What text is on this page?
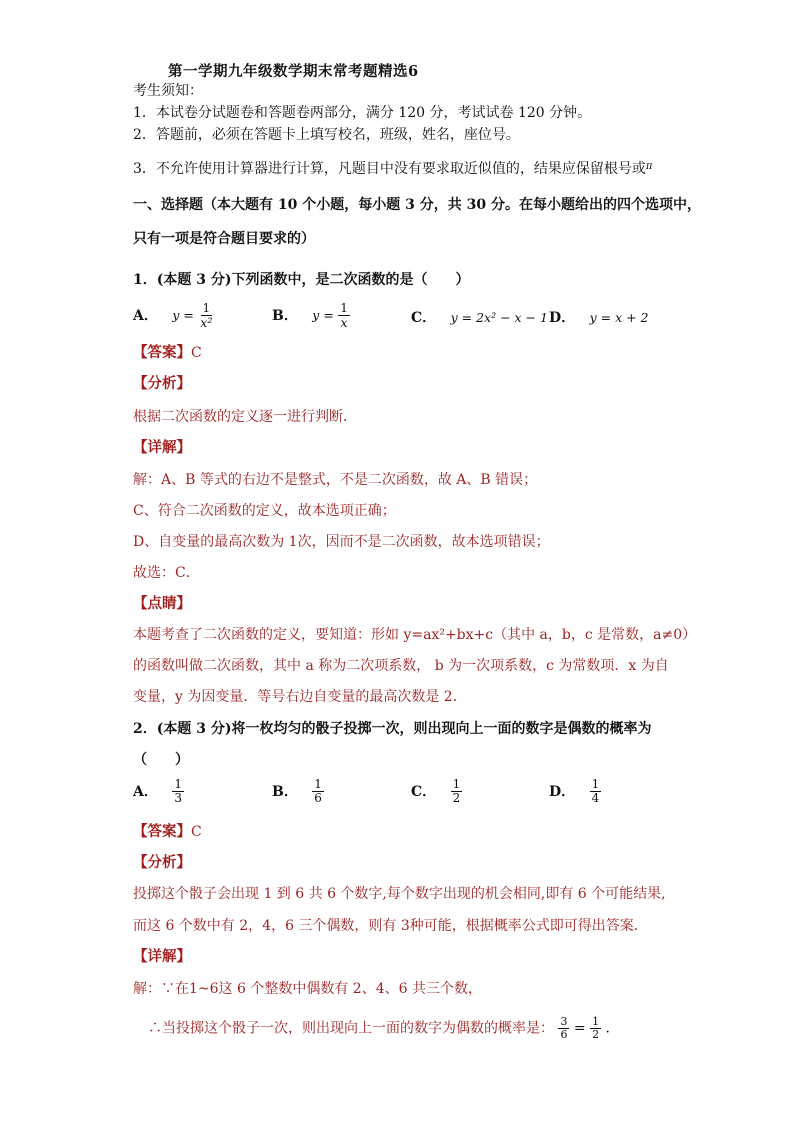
第一学期九年级数学期末常考题精选6
考生须知：
1．本试卷分试题卷和答题卷两部分，满分 120 分，考试试卷 120 分钟。
2．答题前，必须在答题卡上填写校名，班级，姓名，座位号。
3．不允许使用计算器进行计算，凡题目中没有要求取近似值的，结果应保留根号或$^\pi$
一、选择题（本大题有 10 个小题，每小题 3 分，共 30 分。在每小题给出的四个选项中，
只有一项是符合题目要求的）
1．(本题 3 分)下列函数中，是二次函数的是（　　）
A． $y = \frac{1}{\text{x²}}$	B． $y = \frac{1}{x}$	C． y = 2x² − x − 1 D． y = x + 2
【答案】C
【分析】
根据二次函数的定义逐一进行判断．
【详解】
解：A、B 等式的右边不是整式，不是二次函数，故 A、B 错误；
C、符合二次函数的定义，故本选项正确；
D、自变量的最高次数为 1次，因而不是二次函数，故本选项错误；
故选：C．
【点睛】
本题考查了二次函数的定义，要知道：形如 y=ax²+bx+c（其中 a，b，c 是常数，a≠0）
的函数叫做二次函数，其中 a 称为二次项系数， b 为一次项系数，c 为常数项．x 为自
变量，y 为因变量．等号右边自变量的最高次数是 2．
2．(本题 3 分)将一枚均匀的骰子投掷一次，则出现向上一面的数字是偶数的概率为
（　　）
A． $\frac{1}{3}$	B． $\frac{1}{6}$	C． $\frac{1}{2}$	D． $\frac{1}{4}$
【答案】C
【分析】
投掷这个骰子会出现 1 到 6 共 6 个数字,每个数字出现的机会相同,即有 6 个可能结果,
而这 6 个数中有 2，4，6 三个偶数，则有 3种可能，根据概率公式即可得出答案．
【详解】
解：∵在1~6这 6 个整数中偶数有 2、4、6 共三个数，
∴当投掷这个骰子一次，则出现向上一面的数字为偶数的概率是： $\frac{3}{6} = \frac{1}{2}$ ．
